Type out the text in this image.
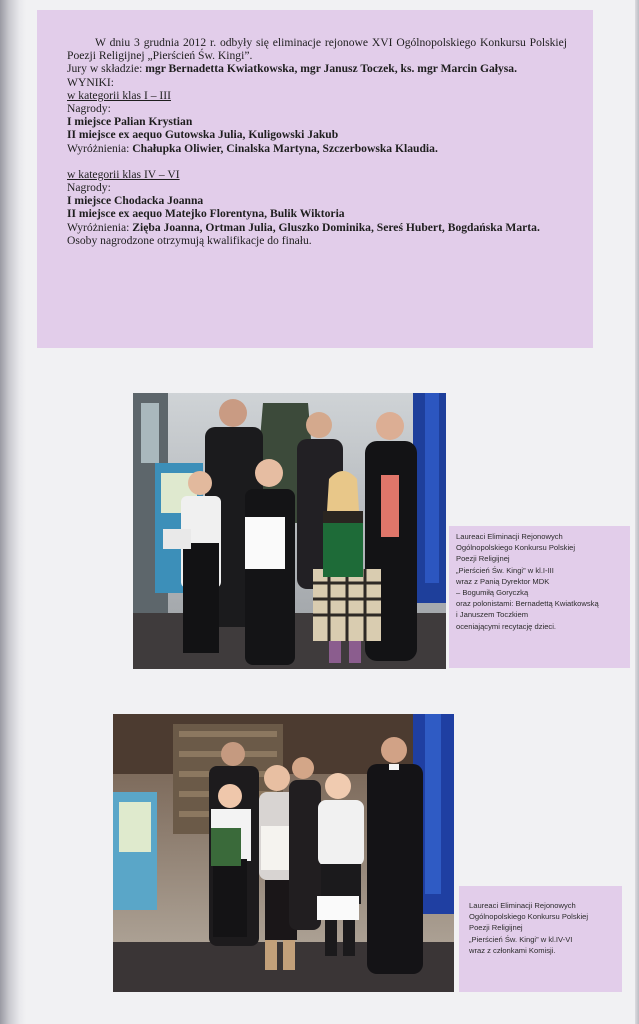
W dniu 3 grudnia 2012 r. odbyły się eliminacje rejonowe XVI Ogólnopolskiego Konkursu Polskiej Poezji Religijnej „Pierścień Św. Kingi”.

Jury w składzie: mgr Bernadetta Kwiatkowska, mgr Janusz Toczek, ks. mgr Marcin Gałysa.

WYNIKI:

w kategorii klas I – III

Nagrody:

I miejsce Palian Krystian

II miejsce ex aequo Gutowska Julia, Kuligowski Jakub

Wyróżnienia: Chałupka Oliwier, Cinalska Martyna, Szczerbowska Klaudia.

w kategorii klas IV – VI

Nagrody:

I miejsce Chodacka Joanna

II miejsce ex aequo Matejko Florentyna, Bulik Wiktoria

Wyróżnienia: Zięba Joanna, Ortman Julia, Gluszko Dominika, Sereś Hubert, Bogdańska Marta.

Osoby nagrodzone otrzymują kwalifikacje do finału.

Laureaci Eliminacji Rejonowych
Ogólnopolskiego Konkursu Polskiej
Poezji Religijnej
„Pierścień Św. Kingi” w kl.I-III
wraz z Panią Dyrektor MDK
– Bogumiłą Goryczką
oraz polonistami: Bernadettą Kwiatkowską
i Januszem Toczkiem
oceniającymi recytację dzieci.
Laureaci Eliminacji Rejonowych
Ogólnopolskiego Konkursu Polskiej
Poezji Religijnej
„Pierścień Św. Kingi” w kl.IV-VI
wraz z członkami Komisji.
